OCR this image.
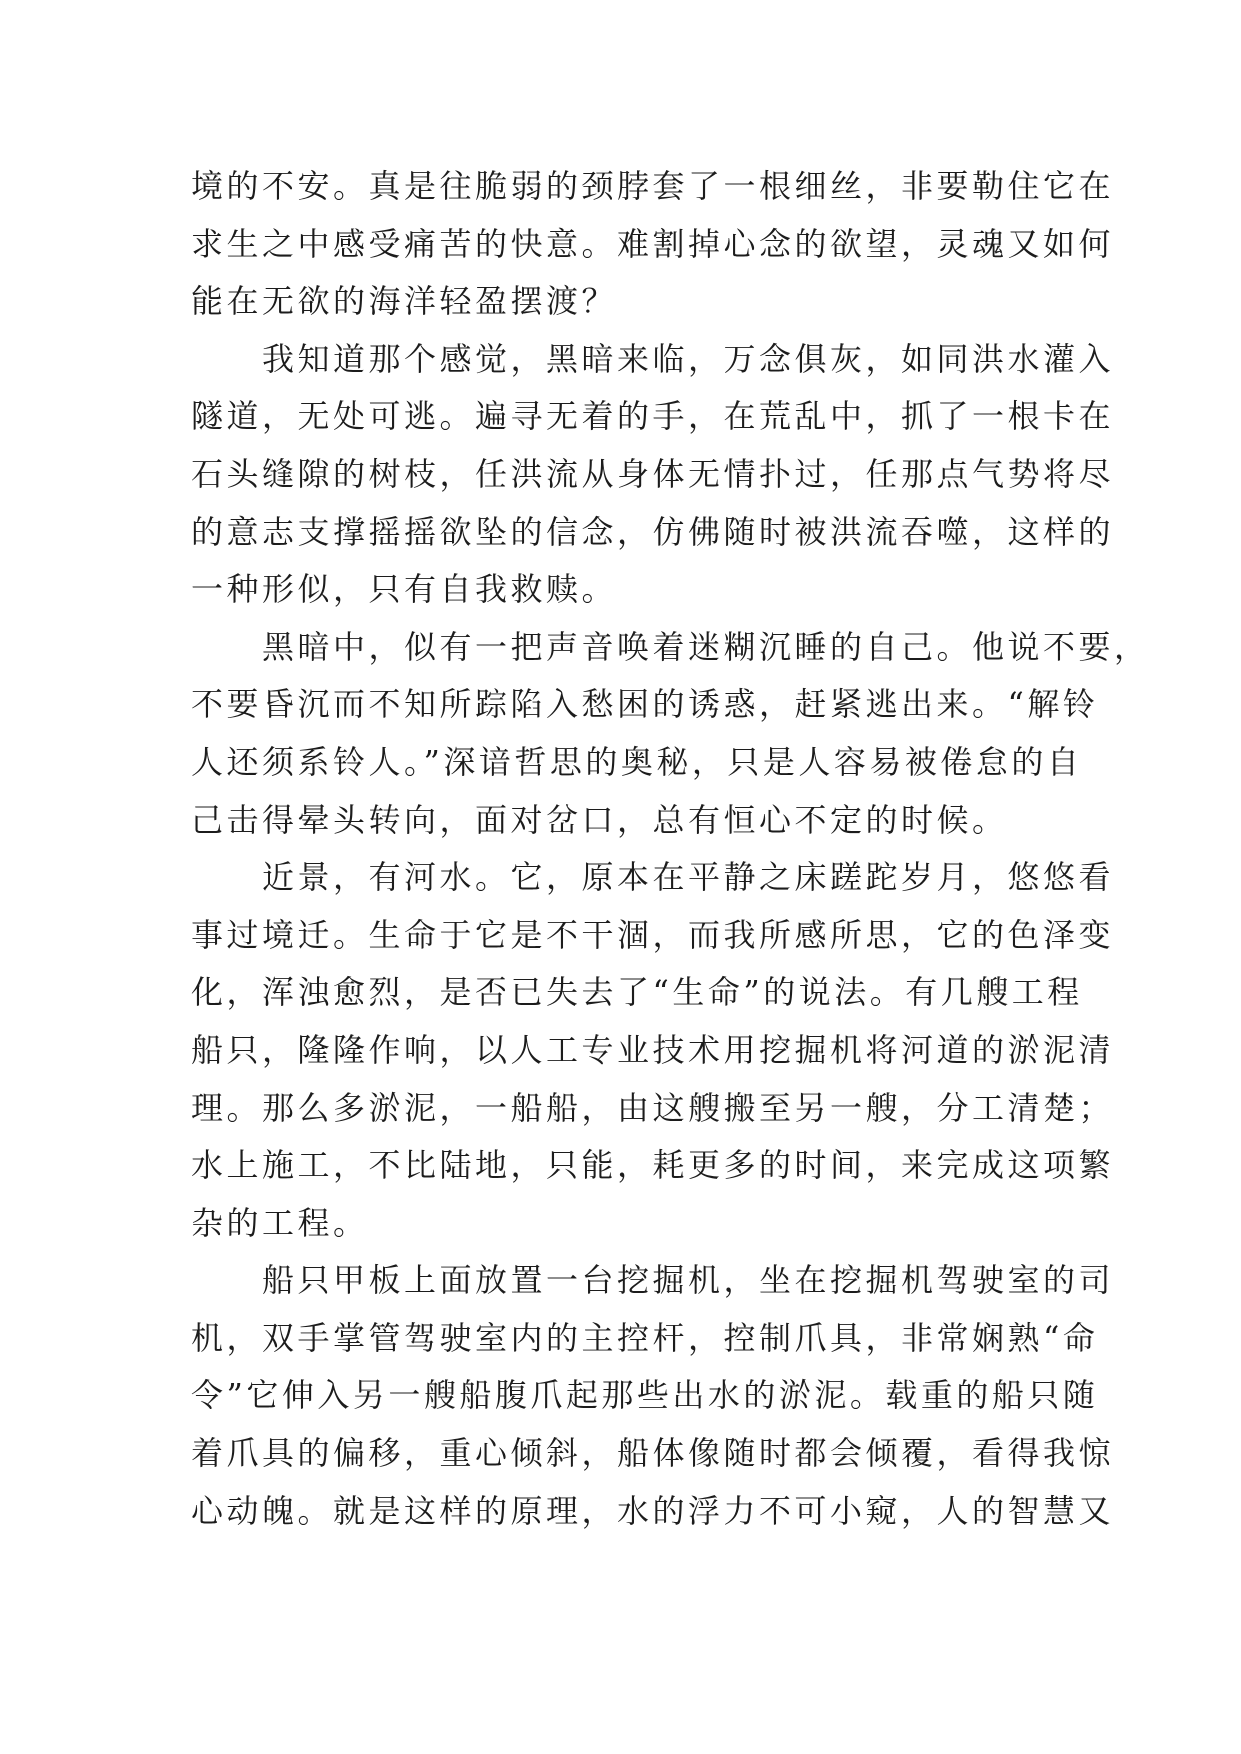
境的不安。真是往脆弱的颈脖套了一根细丝，非要勒住它在
求生之中感受痛苦的快意。难割掉心念的欲望，灵魂又如何
能在无欲的海洋轻盈摆渡？
　　我知道那个感觉，黑暗来临，万念俱灰，如同洪水灌入
隧道，无处可逃。遍寻无着的手，在荒乱中，抓了一根卡在
石头缝隙的树枝，任洪流从身体无情扑过，任那点气势将尽
的意志支撑摇摇欲坠的信念，仿佛随时被洪流吞噬，这样的
一种形似，只有自我救赎。
　　黑暗中，似有一把声音唤着迷糊沉睡的自己。他说不要，
不要昏沉而不知所踪陷入愁困的诱惑，赶紧逃出来。“解铃
人还须系铃人。”深谙哲思的奥秘，只是人容易被倦怠的自
己击得晕头转向，面对岔口，总有恒心不定的时候。
　　近景，有河水。它，原本在平静之床蹉跎岁月，悠悠看
事过境迁。生命于它是不干涸，而我所感所思，它的色泽变
化，浑浊愈烈，是否已失去了“生命”的说法。有几艘工程
船只，隆隆作响，以人工专业技术用挖掘机将河道的淤泥清
理。那么多淤泥，一船船，由这艘搬至另一艘，分工清楚；
水上施工，不比陆地，只能，耗更多的时间，来完成这项繁
杂的工程。
　　船只甲板上面放置一台挖掘机，坐在挖掘机驾驶室的司
机，双手掌管驾驶室内的主控杆，控制爪具，非常娴熟“命
令”它伸入另一艘船腹爪起那些出水的淤泥。载重的船只随
着爪具的偏移，重心倾斜，船体像随时都会倾覆，看得我惊
心动魄。就是这样的原理，水的浮力不可小窥，人的智慧又
